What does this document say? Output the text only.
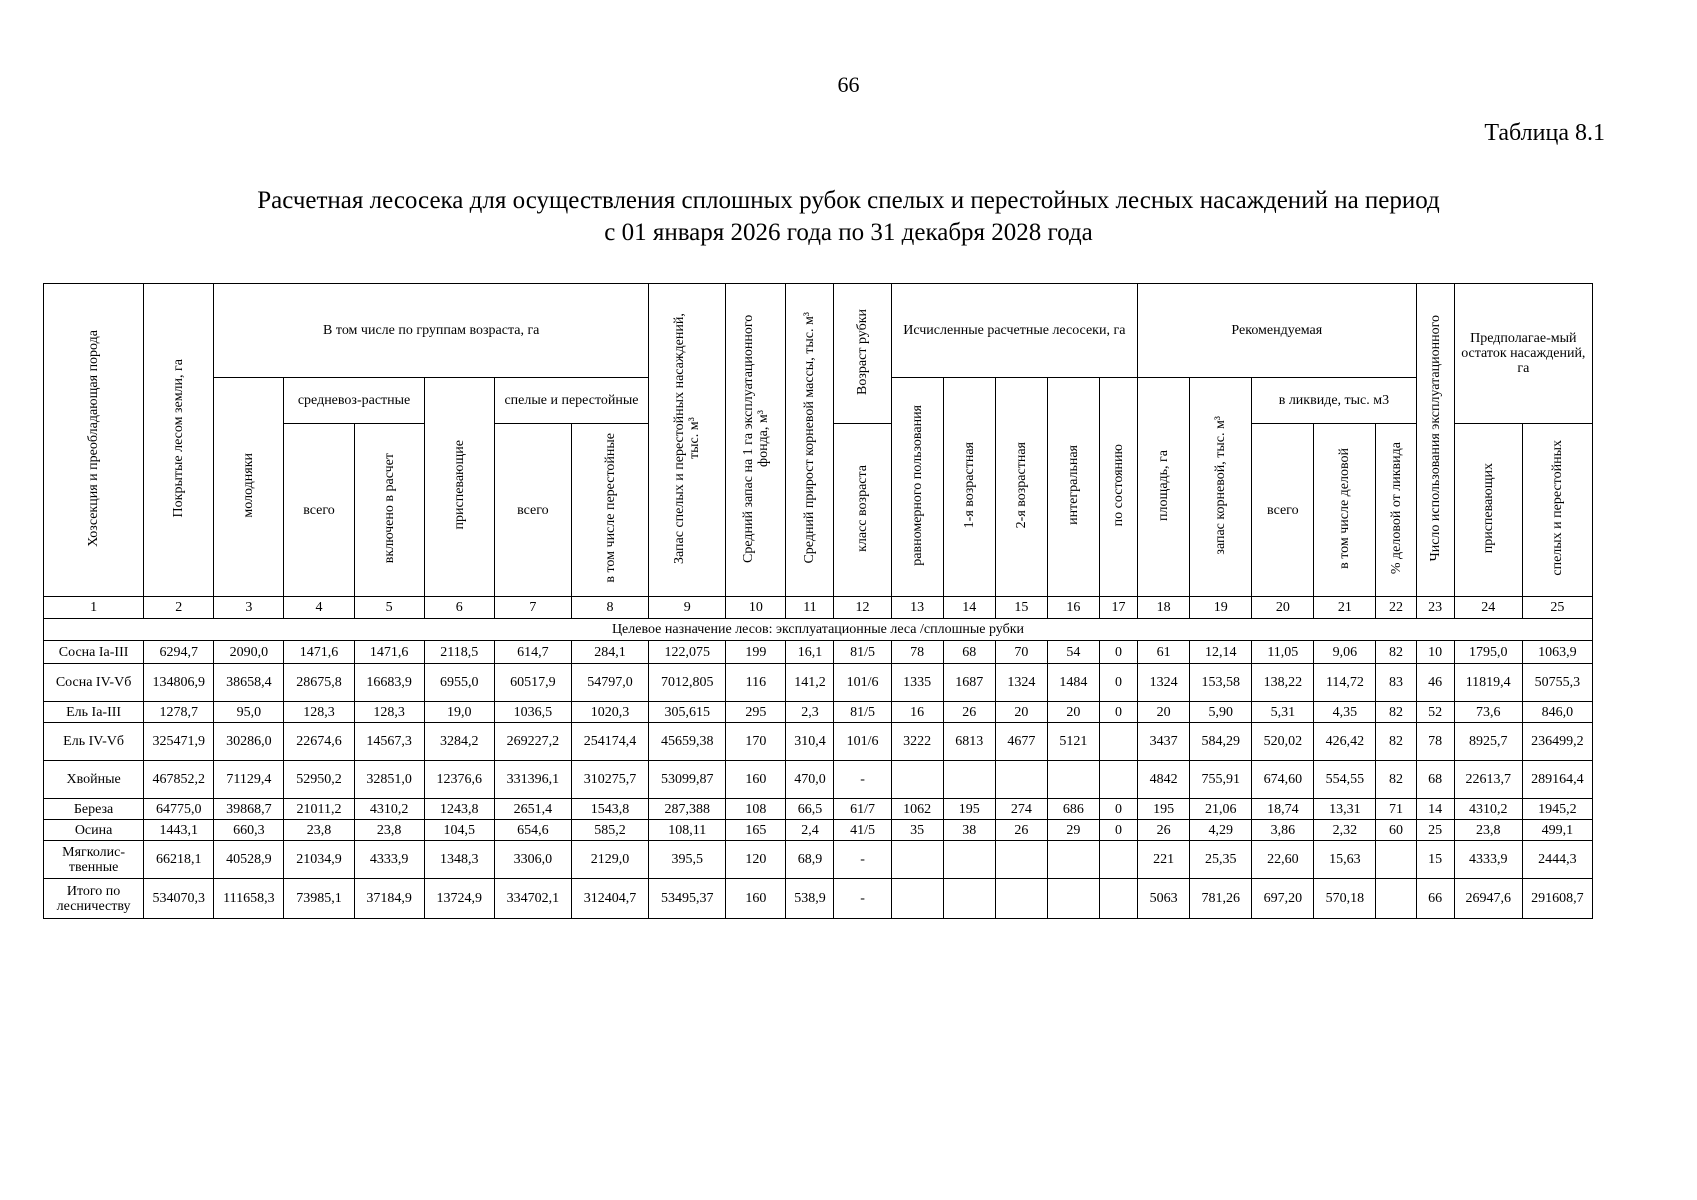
66
Таблица 8.1
Расчетная лесосека для осуществления сплошных рубок спелых и перестойных лесных насаждений на период
с 01 января 2026 года по 31 декабря 2028 года
Хозсекция и преобладающая порода	Покрытые лесом земли, га	В том числе по группам возраста, га						Запас спелых и перестойных насаждений, тыс. м³	Средний запас на 1 га эксплуатационного фонда, м³	Средний прирост корневой массы, тыс. м³	Возраст рубки	Исчисленные расчетные лесосеки, га					Рекомендуемая					Число использования эксплуатационного	Предполагае-мый остаток насаждений, га	
		молодняки	средневоз-растные		приспевающие	спелые и перестойные						равномерного пользования	1-я возрастная	2-я возрастная	интегральная	по состоянию	площадь, га	запас корневой, тыс. м³	в ликвиде, тыс. м3					
			всего	включено в расчет		всего	в том числе перестойные				класс возраста								всего	в том числе деловой	% деловой от ликвида		приспевающих	спелых и перестойных
1	2	3	4	5	6	7	8	9	10	11	12	13	14	15	16	17	18	19	20	21	22	23	24	25
Целевое назначение лесов: эксплуатационные леса /сплошные рубки																								
Сосна Ia-III	6294,7	2090,0	1471,6	1471,6	2118,5	614,7	284,1	122,075	199	16,1	81/5	78	68	70	54	0	61	12,14	11,05	9,06	82	10	1795,0	1063,9
Сосна IV-Vб	134806,9	38658,4	28675,8	16683,9	6955,0	60517,9	54797,0	7012,805	116	141,2	101/6	1335	1687	1324	1484	0	1324	153,58	138,22	114,72	83	46	11819,4	50755,3
Ель Ia-III	1278,7	95,0	128,3	128,3	19,0	1036,5	1020,3	305,615	295	2,3	81/5	16	26	20	20	0	20	5,90	5,31	4,35	82	52	73,6	846,0
Ель IV-Vб	325471,9	30286,0	22674,6	14567,3	3284,2	269227,2	254174,4	45659,38	170	310,4	101/6	3222	6813	4677	5121		3437	584,29	520,02	426,42	82	78	8925,7	236499,2
Хвойные	467852,2	71129,4	52950,2	32851,0	12376,6	331396,1	310275,7	53099,87	160	470,0	-						4842	755,91	674,60	554,55	82	68	22613,7	289164,4
Береза	64775,0	39868,7	21011,2	4310,2	1243,8	2651,4	1543,8	287,388	108	66,5	61/7	1062	195	274	686	0	195	21,06	18,74	13,31	71	14	4310,2	1945,2
Осина	1443,1	660,3	23,8	23,8	104,5	654,6	585,2	108,11	165	2,4	41/5	35	38	26	29	0	26	4,29	3,86	2,32	60	25	23,8	499,1
Мягколис-твенные	66218,1	40528,9	21034,9	4333,9	1348,3	3306,0	2129,0	395,5	120	68,9	-						221	25,35	22,60	15,63		15	4333,9	2444,3
Итого по лесничеству	534070,3	111658,3	73985,1	37184,9	13724,9	334702,1	312404,7	53495,37	160	538,9	-						5063	781,26	697,20	570,18		66	26947,6	291608,7
